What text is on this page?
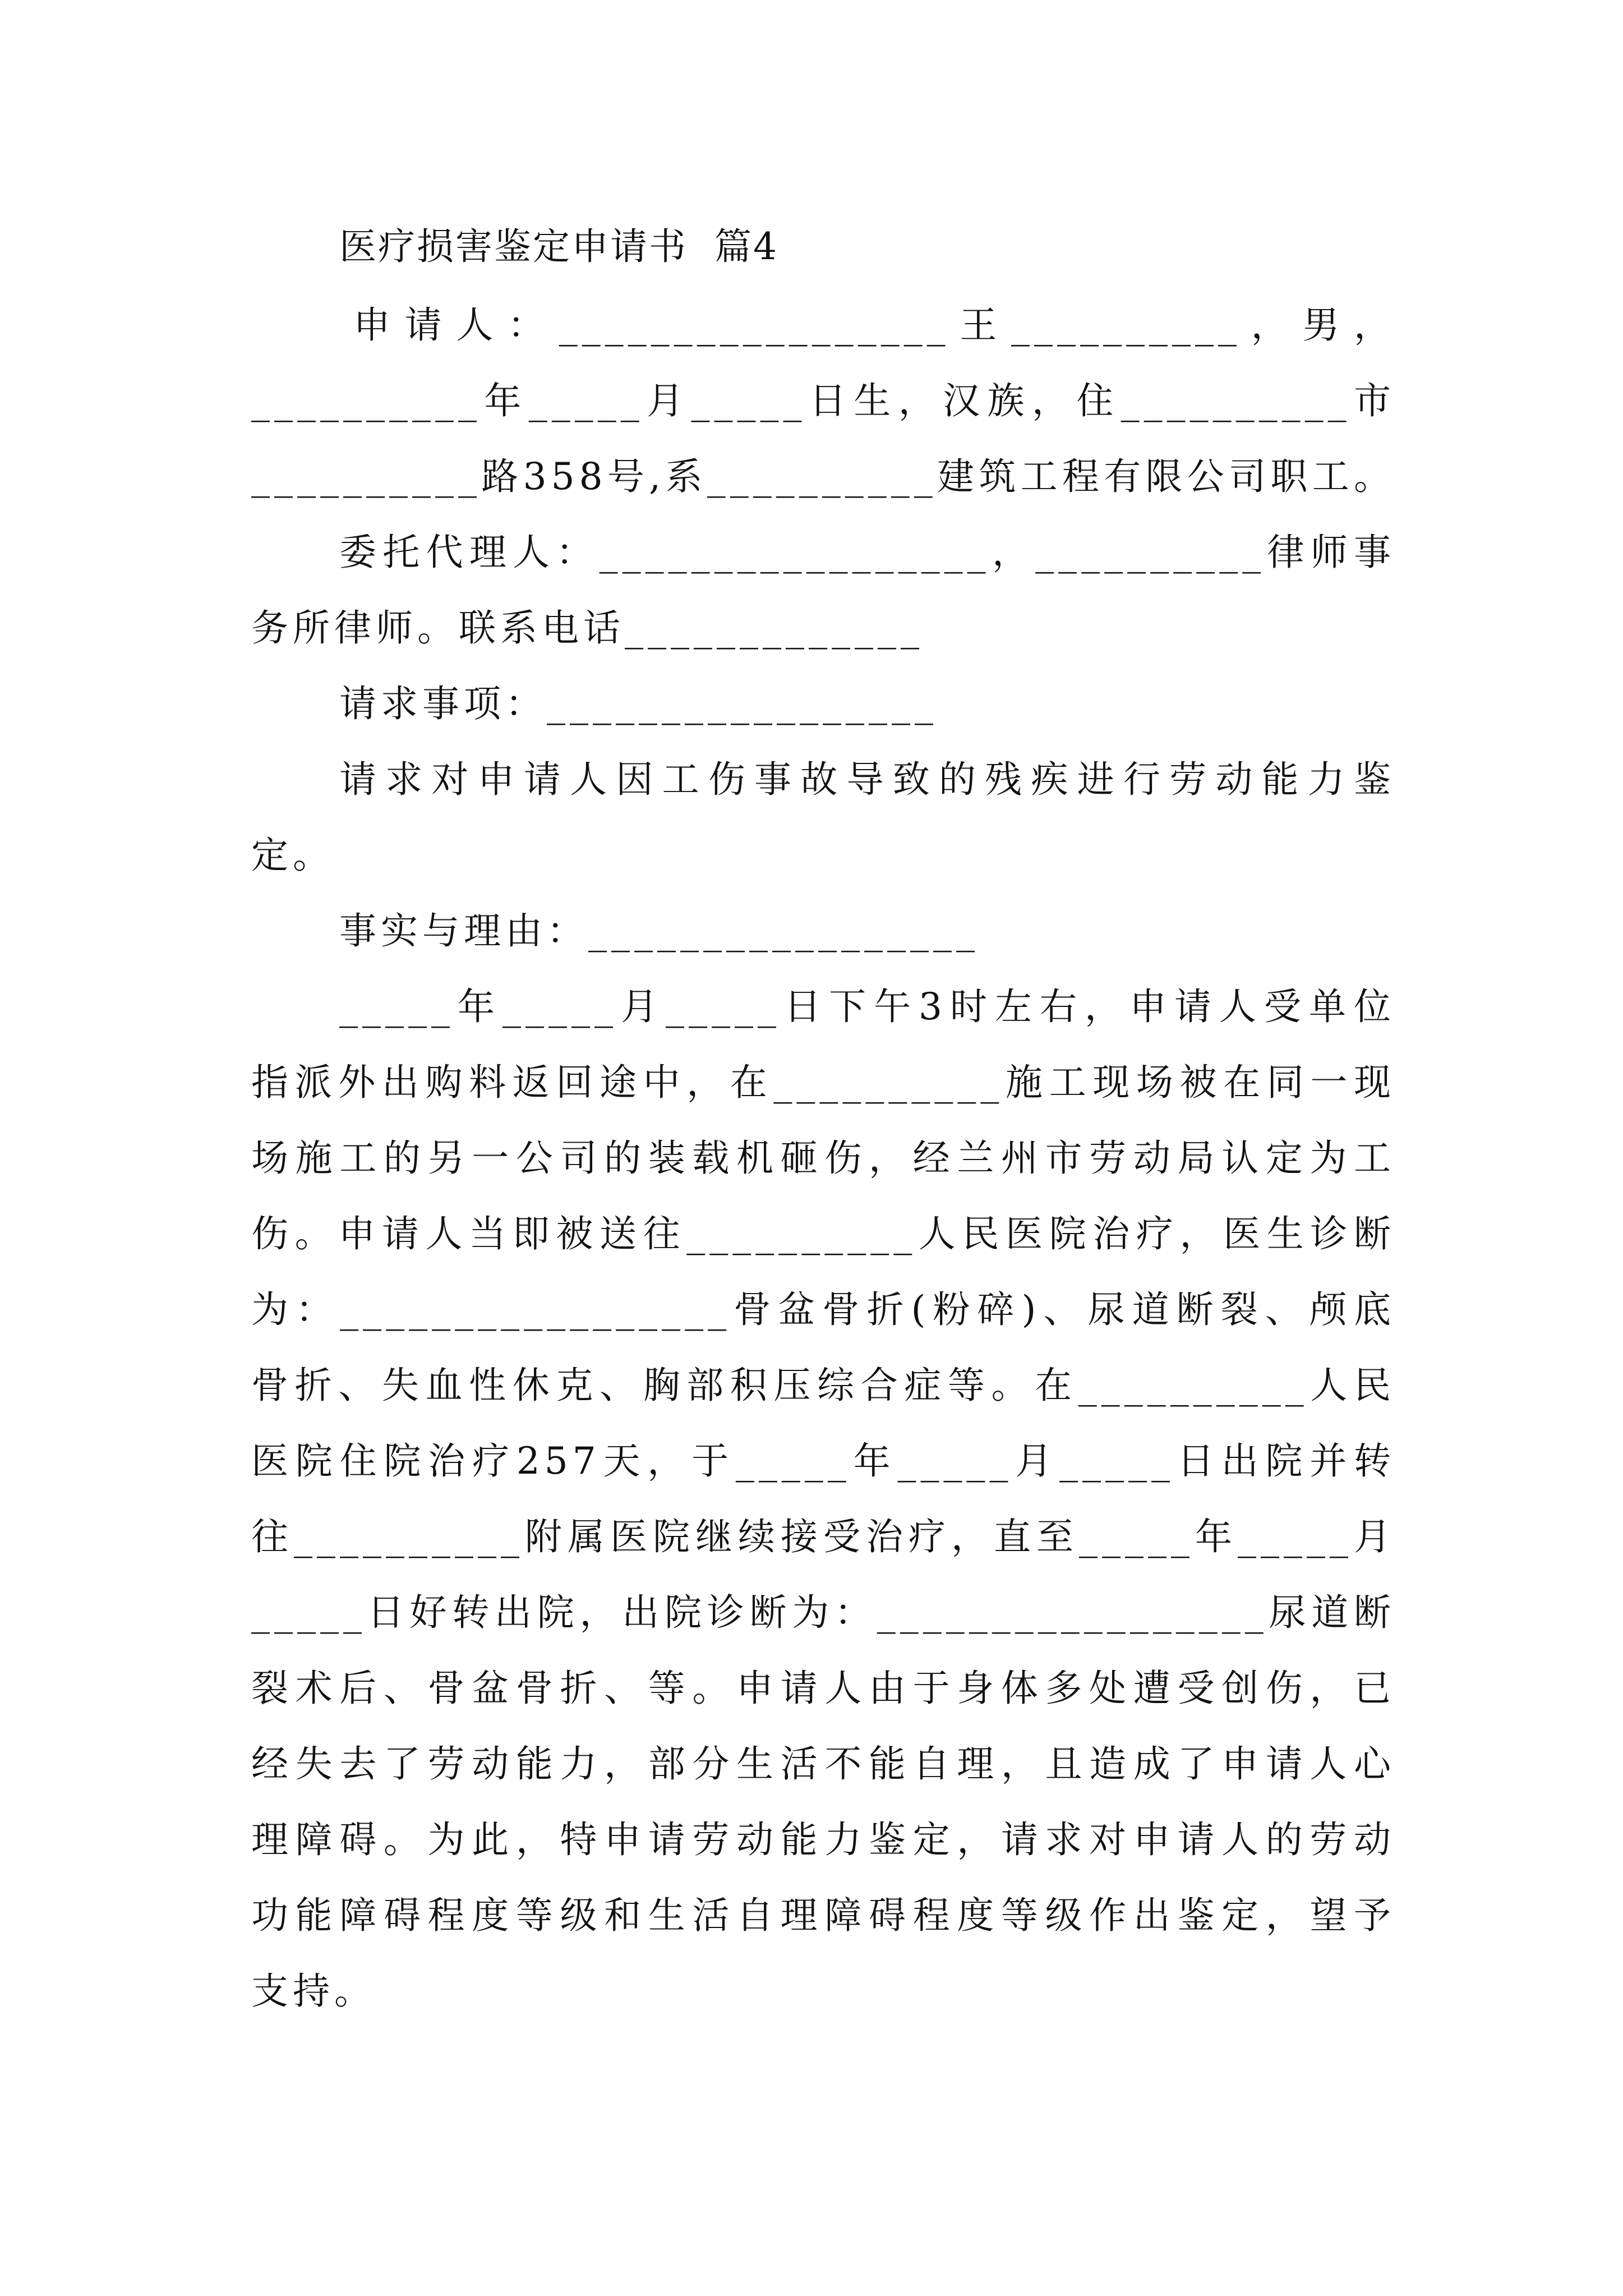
医疗损害鉴定申请书  篇4
申请人：_________________王__________，男，
__________年_____月_____日生，汉族，住__________市
__________路358号,系__________建筑工程有限公司职工。
委托代理人：_________________，__________律师事
务所律师。联系电话_____________
请求事项：_________________
请求对申请人因工伤事故导致的残疾进行劳动能力鉴
定。
事实与理由：_________________
_____年_____月_____日下午3时左右，申请人受单位
指派外出购料返回途中，在__________施工现场被在同一现
场施工的另一公司的装载机砸伤，经兰州市劳动局认定为工
伤。申请人当即被送往__________人民医院治疗，医生诊断
为：_________________骨盆骨折(粉碎)、尿道断裂、颅底
骨折、失血性休克、胸部积压综合症等。在__________人民
医院住院治疗257天，于_____年_____月_____日出院并转
往__________附属医院继续接受治疗，直至_____年_____月
_____日好转出院，出院诊断为：_________________尿道断
裂术后、骨盆骨折、等。申请人由于身体多处遭受创伤，已
经失去了劳动能力，部分生活不能自理，且造成了申请人心
理障碍。为此，特申请劳动能力鉴定，请求对申请人的劳动
功能障碍程度等级和生活自理障碍程度等级作出鉴定，望予
支持。
